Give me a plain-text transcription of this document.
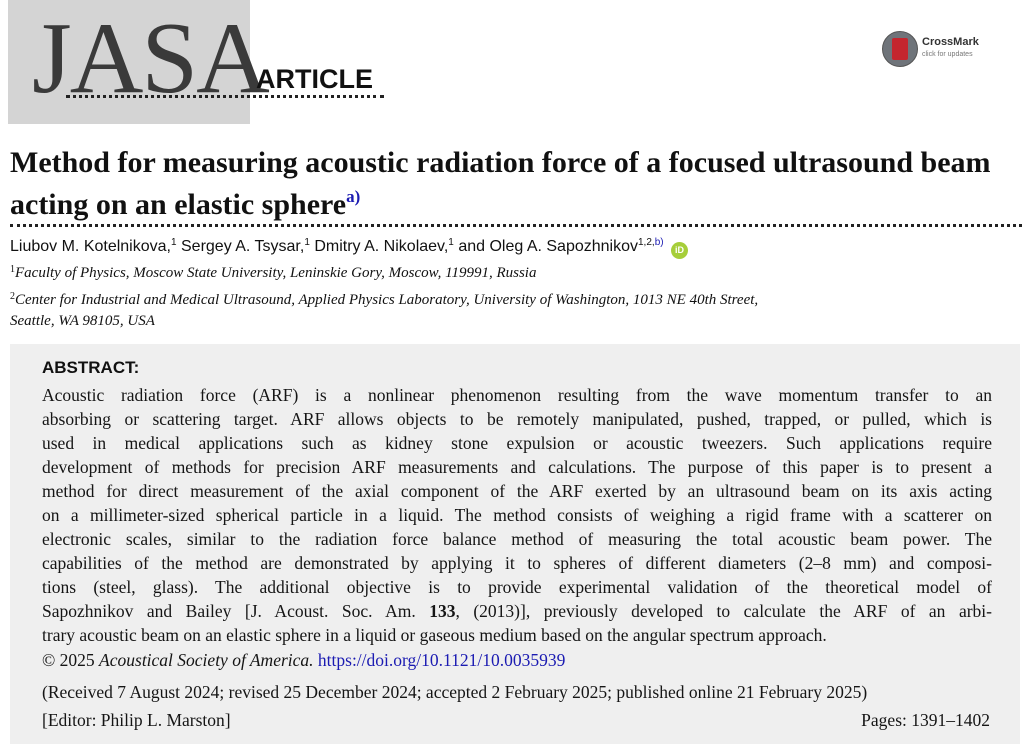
JASA
ARTICLE
CrossMark
click for updates
Method for measuring acoustic radiation force of a focused ultrasound beam acting on an elastic sphere$^{a)}$
Liubov M. Kotelnikova,$^1$ Sergey A. Tsysar,$^1$ Dmitry A. Nikolaev,$^1$ and Oleg A. Sapozhnikov$^{1,2,b)}$ iD
$^1$Faculty of Physics, Moscow State University, Leninskie Gory, Moscow, 119991, Russia
$^2$Center for Industrial and Medical Ultrasound, Applied Physics Laboratory, University of Washington, 1013 NE 40th Street,
Seattle, WA 98105, USA
ABSTRACT:
Acoustic radiation force (ARF) is a nonlinear phenomenon resulting from the wave momentum transfer to an
absorbing or scattering target. ARF allows objects to be remotely manipulated, pushed, trapped, or pulled, which is
used in medical applications such as kidney stone expulsion or acoustic tweezers. Such applications require
development of methods for precision ARF measurements and calculations. The purpose of this paper is to present a
method for direct measurement of the axial component of the ARF exerted by an ultrasound beam on its axis acting
on a millimeter-sized spherical particle in a liquid. The method consists of weighing a rigid frame with a scatterer on
electronic scales, similar to the radiation force balance method of measuring the total acoustic beam power. The
capabilities of the method are demonstrated by applying it to spheres of different diameters (2–8 mm) and composi-
tions (steel, glass). The additional objective is to provide experimental validation of the theoretical model of
Sapozhnikov and Bailey [J. Acoust. Soc. Am. 133, (2013)], previously developed to calculate the ARF of an arbi-
trary acoustic beam on an elastic sphere in a liquid or gaseous medium based on the angular spectrum approach.
© 2025 Acoustical Society of America. https://doi.org/10.1121/10.0035939
(Received 7 August 2024; revised 25 December 2024; accepted 2 February 2025; published online 21 February 2025)
[Editor: Philip L. Marston]	Pages: 1391–1402
